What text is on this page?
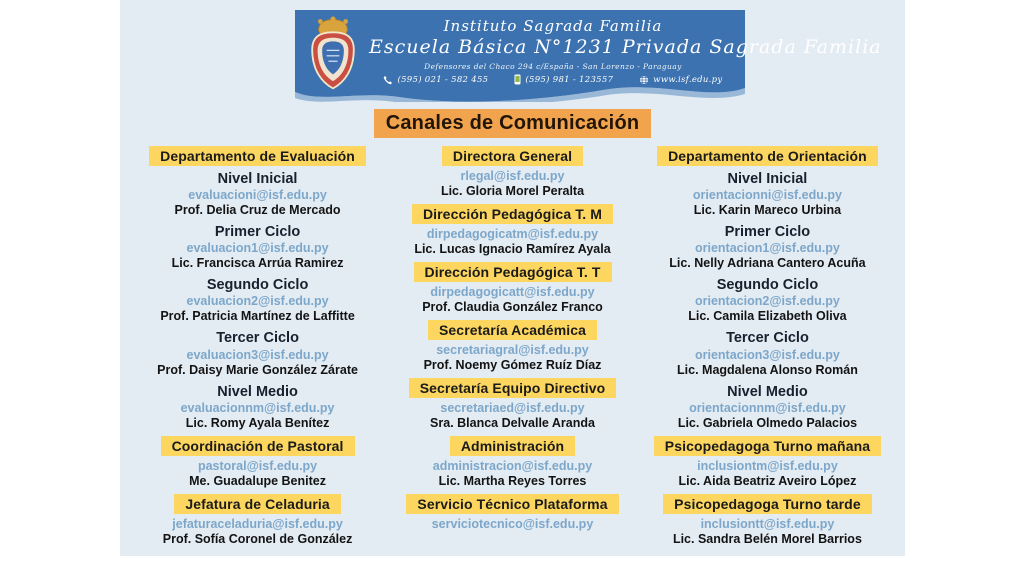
Instituto Sagrada Familia
Escuela Básica N°1231 Privada Sagrada Familia
Defensores del Chaco 294 c/España - San Lorenzo - Paraguay
(595) 021 - 582 455	(595) 981 - 123557	www.isf.edu.py
Canales de Comunicación
Departamento de Evaluación
Nivel Inicial
evaluacioni@isf.edu.py
Prof. Delia Cruz de Mercado
Primer Ciclo
evaluacion1@isf.edu.py
Lic. Francisca Arrúa Ramirez
Segundo Ciclo
evaluacion2@isf.edu.py
Prof. Patricia Martínez de Laffitte
Tercer Ciclo
evaluacion3@isf.edu.py
Prof. Daisy Marie González Zárate
Nivel Medio
evaluacionnm@isf.edu.py
Lic. Romy Ayala Benítez
Coordinación de Pastoral
pastoral@isf.edu.py
Me. Guadalupe Benitez
Jefatura de Celaduria
jefaturaceladuria@isf.edu.py
Prof. Sofía Coronel de González
Directora General
rlegal@isf.edu.py
Lic. Gloria Morel Peralta
Dirección Pedagógica T. M
dirpedagogicatm@isf.edu.py
Lic. Lucas Ignacio Ramírez Ayala
Dirección Pedagógica T. T
dirpedagogicatt@isf.edu.py
Prof. Claudia González Franco
Secretaría Académica
secretariagral@isf.edu.py
Prof. Noemy Gómez Ruíz Díaz
Secretaría Equipo Directivo
secretariaed@isf.edu.py
Sra. Blanca Delvalle Aranda
Administración
administracion@isf.edu.py
Lic. Martha Reyes Torres
Servicio Técnico Plataforma
serviciotecnico@isf.edu.py
Departamento de Orientación
Nivel Inicial
orientacionni@isf.edu.py
Lic. Karin Mareco Urbina
Primer Ciclo
orientacion1@isf.edu.py
Lic. Nelly Adriana Cantero Acuña
Segundo Ciclo
orientacion2@isf.edu.py
Lic. Camila Elizabeth Oliva
Tercer Ciclo
orientacion3@isf.edu.py
Lic. Magdalena Alonso Román
Nivel Medio
orientacionnm@isf.edu.py
Lic. Gabriela Olmedo Palacios
Psicopedagoga Turno mañana
inclusiontm@isf.edu.py
Lic. Aida Beatriz Aveiro López
Psicopedagoga Turno tarde
inclusiontt@isf.edu.py
Lic. Sandra Belén Morel Barrios
